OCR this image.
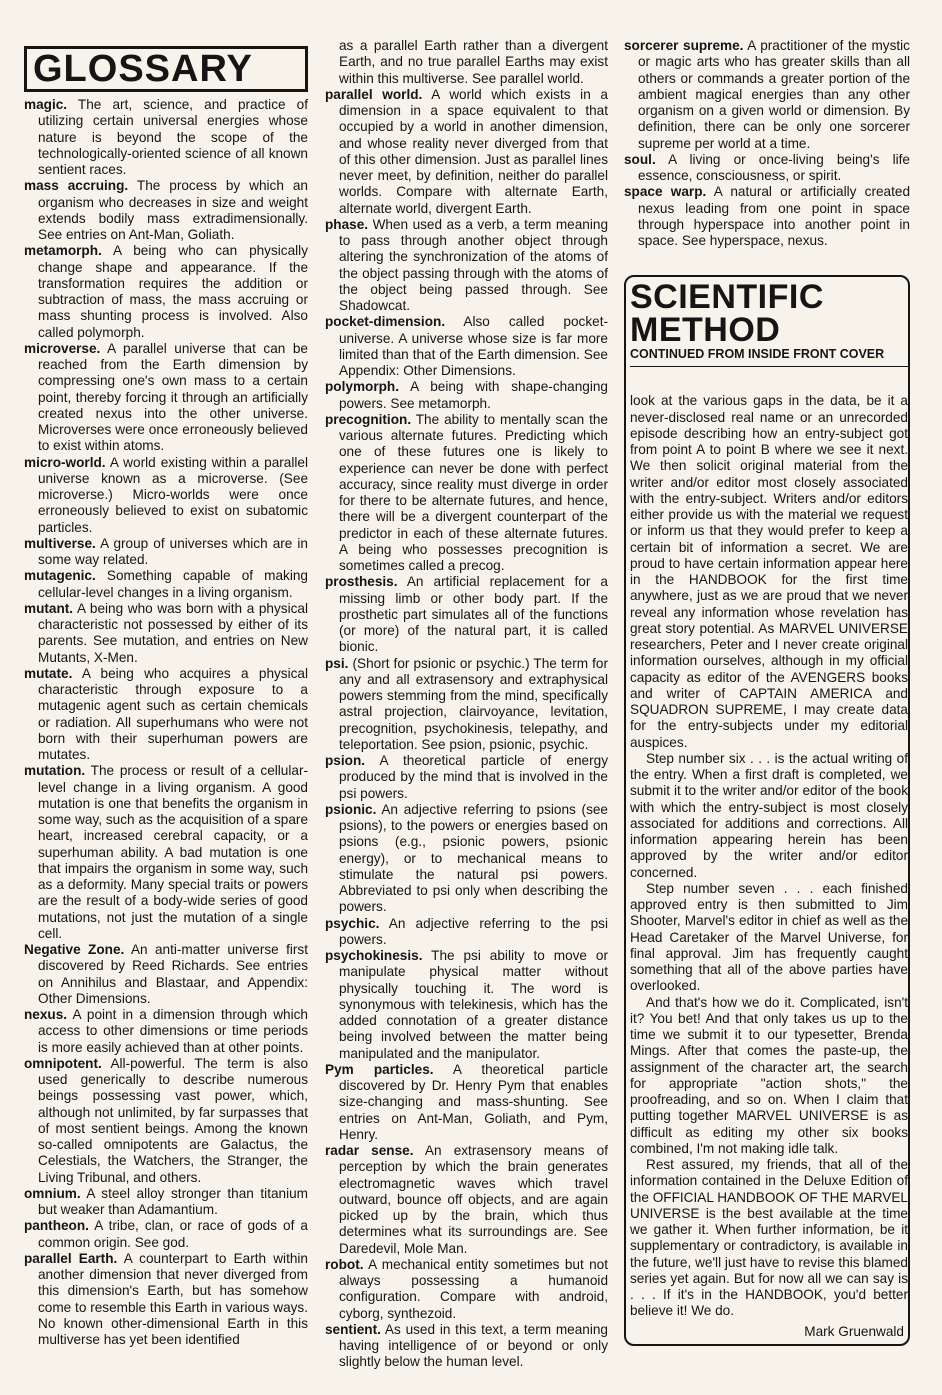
GLOSSARY

magic. The art, science, and practice of utilizing certain universal energies whose nature is beyond the scope of the technologically-oriented science of all known sentient races.

mass accruing. The process by which an organism who decreases in size and weight extends bodily mass extradimensionally. See entries on Ant-Man, Goliath.

metamorph. A being who can physically change shape and appearance. If the transformation requires the addition or subtraction of mass, the mass accruing or mass shunting process is involved. Also called polymorph.

microverse. A parallel universe that can be reached from the Earth dimension by compressing one's own mass to a certain point, thereby forcing it through an artificially created nexus into the other universe. Microverses were once erroneously believed to exist within atoms.

micro-world. A world existing within a parallel universe known as a microverse. (See microverse.) Micro-worlds were once erroneously believed to exist on subatomic particles.

multiverse. A group of universes which are in some way related.

mutagenic. Something capable of making cellular-level changes in a living organism.

mutant. A being who was born with a physical characteristic not possessed by either of its parents. See mutation, and entries on New Mutants, X-Men.

mutate. A being who acquires a physical characteristic through exposure to a mutagenic agent such as certain chemicals or radiation. All superhumans who were not born with their superhuman powers are mutates.

mutation. The process or result of a cellular-level change in a living organism. A good mutation is one that benefits the organism in some way, such as the acquisition of a spare heart, increased cerebral capacity, or a superhuman ability. A bad mutation is one that impairs the organism in some way, such as a deformity. Many special traits or powers are the result of a body-wide series of good mutations, not just the mutation of a single cell.

Negative Zone. An anti-matter universe first discovered by Reed Richards. See entries on Annihilus and Blastaar, and Appendix: Other Dimensions.

nexus. A point in a dimension through which access to other dimensions or time periods is more easily achieved than at other points.

omnipotent. All-powerful. The term is also used generically to describe numerous beings possessing vast power, which, although not unlimited, by far surpasses that of most sentient beings. Among the known so-called omnipotents are Galactus, the Celestials, the Watchers, the Stranger, the Living Tribunal, and others.

omnium. A steel alloy stronger than titanium but weaker than Adamantium.

pantheon. A tribe, clan, or race of gods of a common origin. See god.

parallel Earth. A counterpart to Earth within another dimension that never diverged from this dimension's Earth, but has somehow come to resemble this Earth in various ways. No known other-dimensional Earth in this multiverse has yet been identified

as a parallel Earth rather than a divergent Earth, and no true parallel Earths may exist within this multiverse. See parallel world.

parallel world. A world which exists in a dimension in a space equivalent to that occupied by a world in another dimension, and whose reality never diverged from that of this other dimension. Just as parallel lines never meet, by definition, neither do parallel worlds. Compare with alternate Earth, alternate world, divergent Earth.

phase. When used as a verb, a term meaning to pass through another object through altering the synchronization of the atoms of the object passing through with the atoms of the object being passed through. See Shadowcat.

pocket-dimension. Also called pocket-universe. A universe whose size is far more limited than that of the Earth dimension. See Appendix: Other Dimensions.

polymorph. A being with shape-changing powers. See metamorph.

precognition. The ability to mentally scan the various alternate futures. Predicting which one of these futures one is likely to experience can never be done with perfect accuracy, since reality must diverge in order for there to be alternate futures, and hence, there will be a divergent counterpart of the predictor in each of these alternate futures. A being who possesses precognition is sometimes called a precog.

prosthesis. An artificial replacement for a missing limb or other body part. If the prosthetic part simulates all of the functions (or more) of the natural part, it is called bionic.

psi. (Short for psionic or psychic.) The term for any and all extrasensory and extraphysical powers stemming from the mind, specifically astral projection, clairvoyance, levitation, precognition, psychokinesis, telepathy, and teleportation. See psion, psionic, psychic.

psion. A theoretical particle of energy produced by the mind that is involved in the psi powers.

psionic. An adjective referring to psions (see psions), to the powers or energies based on psions (e.g., psionic powers, psionic energy), or to mechanical means to stimulate the natural psi powers. Abbreviated to psi only when describing the powers.

psychic. An adjective referring to the psi powers.

psychokinesis. The psi ability to move or manipulate physical matter without physically touching it. The word is synonymous with telekinesis, which has the added connotation of a greater distance being involved between the matter being manipulated and the manipulator.

Pym particles. A theoretical particle discovered by Dr. Henry Pym that enables size-changing and mass-shunting. See entries on Ant-Man, Goliath, and Pym, Henry.

radar sense. An extrasensory means of perception by which the brain generates electromagnetic waves which travel outward, bounce off objects, and are again picked up by the brain, which thus determines what its surroundings are. See Daredevil, Mole Man.

robot. A mechanical entity sometimes but not always possessing a humanoid configuration. Compare with android, cyborg, synthezoid.

sentient. As used in this text, a term meaning having intelligence of or beyond or only slightly below the human level.

sorcerer supreme. A practitioner of the mystic or magic arts who has greater skills than all others or commands a greater portion of the ambient magical energies than any other organism on a given world or dimension. By definition, there can be only one sorcerer supreme per world at a time.

soul. A living or once-living being's life essence, consciousness, or spirit.

space warp. A natural or artificially created nexus leading from one point in space through hyperspace into another point in space. See hyperspace, nexus.

SCIENTIFIC
METHOD
CONTINUED FROM INSIDE FRONT COVER

look at the various gaps in the data, be it a never-disclosed real name or an unrecorded episode describing how an entry-subject got from point A to point B where we see it next. We then solicit original material from the writer and/or editor most closely associated with the entry-subject. Writers and/or editors either provide us with the material we request or inform us that they would prefer to keep a certain bit of information a secret. We are proud to have certain information appear here in the HANDBOOK for the first time anywhere, just as we are proud that we never reveal any information whose revelation has great story potential. As MARVEL UNIVERSE researchers, Peter and I never create original information ourselves, although in my official capacity as editor of the AVENGERS books and writer of CAPTAIN AMERICA and SQUADRON SUPREME, I may create data for the entry-subjects under my editorial auspices.

Step number six . . . is the actual writing of the entry. When a first draft is completed, we submit it to the writer and/or editor of the book with which the entry-subject is most closely associated for additions and corrections. All information appearing herein has been approved by the writer and/or editor concerned.

Step number seven . . . each finished approved entry is then submitted to Jim Shooter, Marvel's editor in chief as well as the Head Caretaker of the Marvel Universe, for final approval. Jim has frequently caught something that all of the above parties have overlooked.

And that's how we do it. Complicated, isn't it? You bet! And that only takes us up to the time we submit it to our typesetter, Brenda Mings. After that comes the paste-up, the assignment of the character art, the search for appropriate "action shots," the proofreading, and so on. When I claim that putting together MARVEL UNIVERSE is as difficult as editing my other six books combined, I'm not making idle talk.

Rest assured, my friends, that all of the information contained in the Deluxe Edition of the OFFICIAL HANDBOOK OF THE MARVEL UNIVERSE is the best available at the time we gather it. When further information, be it supplementary or contradictory, is available in the future, we'll just have to revise this blamed series yet again. But for now all we can say is . . . If it's in the HANDBOOK, you'd better believe it! We do.

Mark Gruenwald
